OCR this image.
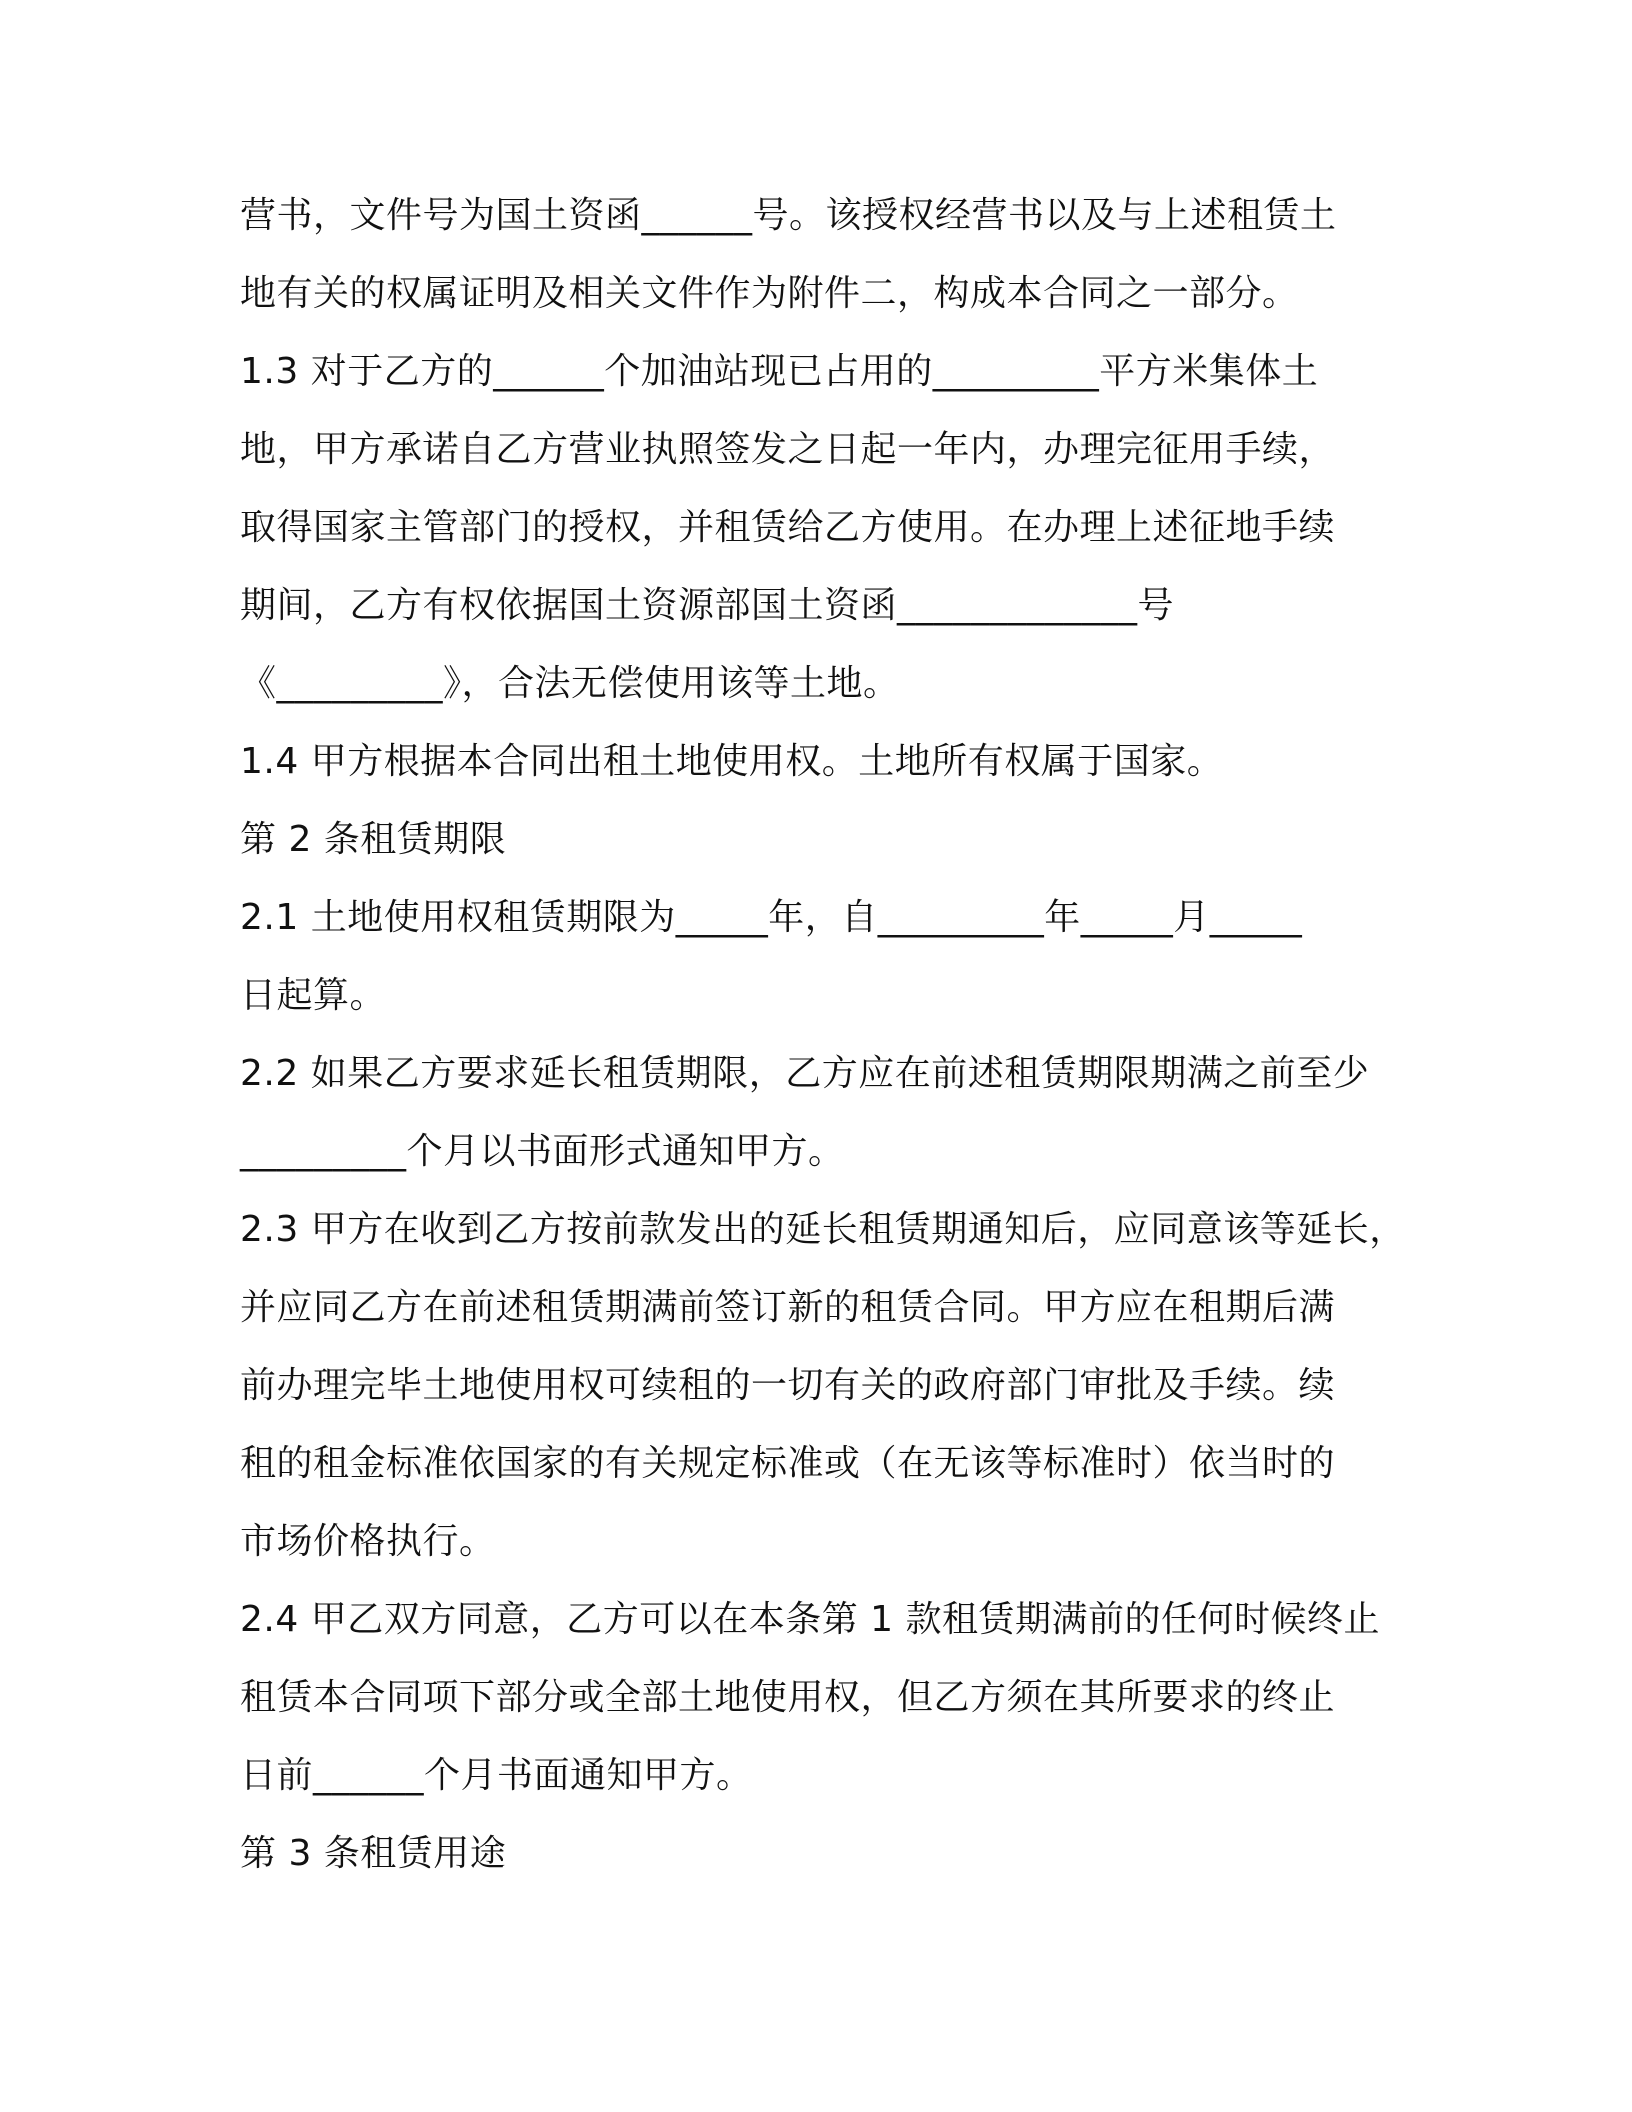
营书，文件号为国土资函______号。该授权经营书以及与上述租赁土
地有关的权属证明及相关文件作为附件二，构成本合同之一部分。
1.3 对于乙方的______个加油站现已占用的_________平方米集体土
地，甲方承诺自乙方营业执照签发之日起一年内，办理完征用手续，
取得国家主管部门的授权，并租赁给乙方使用。在办理上述征地手续
期间，乙方有权依据国土资源部国土资函_____________号
《_________》，合法无偿使用该等土地。
1.4 甲方根据本合同出租土地使用权。土地所有权属于国家。
第 2 条租赁期限
2.1 土地使用权租赁期限为_____年，自_________年_____月_____
日起算。
2.2 如果乙方要求延长租赁期限，乙方应在前述租赁期限期满之前至少
_________个月以书面形式通知甲方。
2.3 甲方在收到乙方按前款发出的延长租赁期通知后，应同意该等延长，
并应同乙方在前述租赁期满前签订新的租赁合同。甲方应在租期后满
前办理完毕土地使用权可续租的一切有关的政府部门审批及手续。续
租的租金标准依国家的有关规定标准或（在无该等标准时）依当时的
市场价格执行。
2.4 甲乙双方同意，乙方可以在本条第 1 款租赁期满前的任何时候终止
租赁本合同项下部分或全部土地使用权，但乙方须在其所要求的终止
日前______个月书面通知甲方。
第 3 条租赁用途
